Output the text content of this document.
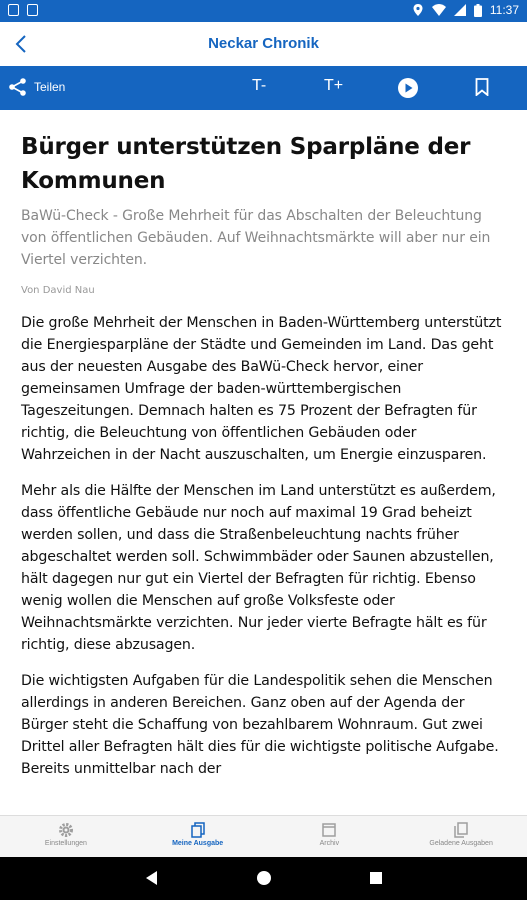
11:37
Neckar Chronik
Teilen	T-	T+
Bürger unterstützen Sparpläne der Kommunen

BaWü-Check - Große Mehrheit für das Abschalten der Beleuchtung von öffentlichen Gebäuden. Auf Weihnachtsmärkte will aber nur ein Viertel verzichten.

Von David Nau

Die große Mehrheit der Menschen in Baden-Württemberg unterstützt die Energiesparpläne der Städte und Gemeinden im Land. Das geht aus der neuesten Ausgabe des BaWü-Check hervor, einer gemeinsamen Umfrage der baden-württembergischen Tageszeitungen. Demnach halten es 75 Prozent der Befragten für richtig, die Beleuchtung von öffentlichen Gebäuden oder Wahrzeichen in der Nacht auszuschalten, um Energie einzusparen.

Mehr als die Hälfte der Menschen im Land unterstützt es außerdem, dass öffentliche Gebäude nur noch auf maximal 19 Grad beheizt werden sollen, und dass die Straßenbeleuchtung nachts früher abgeschaltet werden soll. Schwimmbäder oder Saunen abzustellen, hält dagegen nur gut ein Viertel der Befragten für richtig. Ebenso wenig wollen die Menschen auf große Volksfeste oder Weihnachtsmärkte verzichten. Nur jeder vierte Befragte hält es für richtig, diese abzusagen.

Die wichtigsten Aufgaben für die Landespolitik sehen die Menschen allerdings in anderen Bereichen. Ganz oben auf der Agenda der Bürger steht die Schaffung von bezahlbarem Wohnraum. Gut zwei Drittel aller Befragten hält dies für die wichtigste politische Aufgabe. Bereits unmittelbar nach der

Einstellungen	Meine Ausgabe	Archiv	Geladene Ausgaben
